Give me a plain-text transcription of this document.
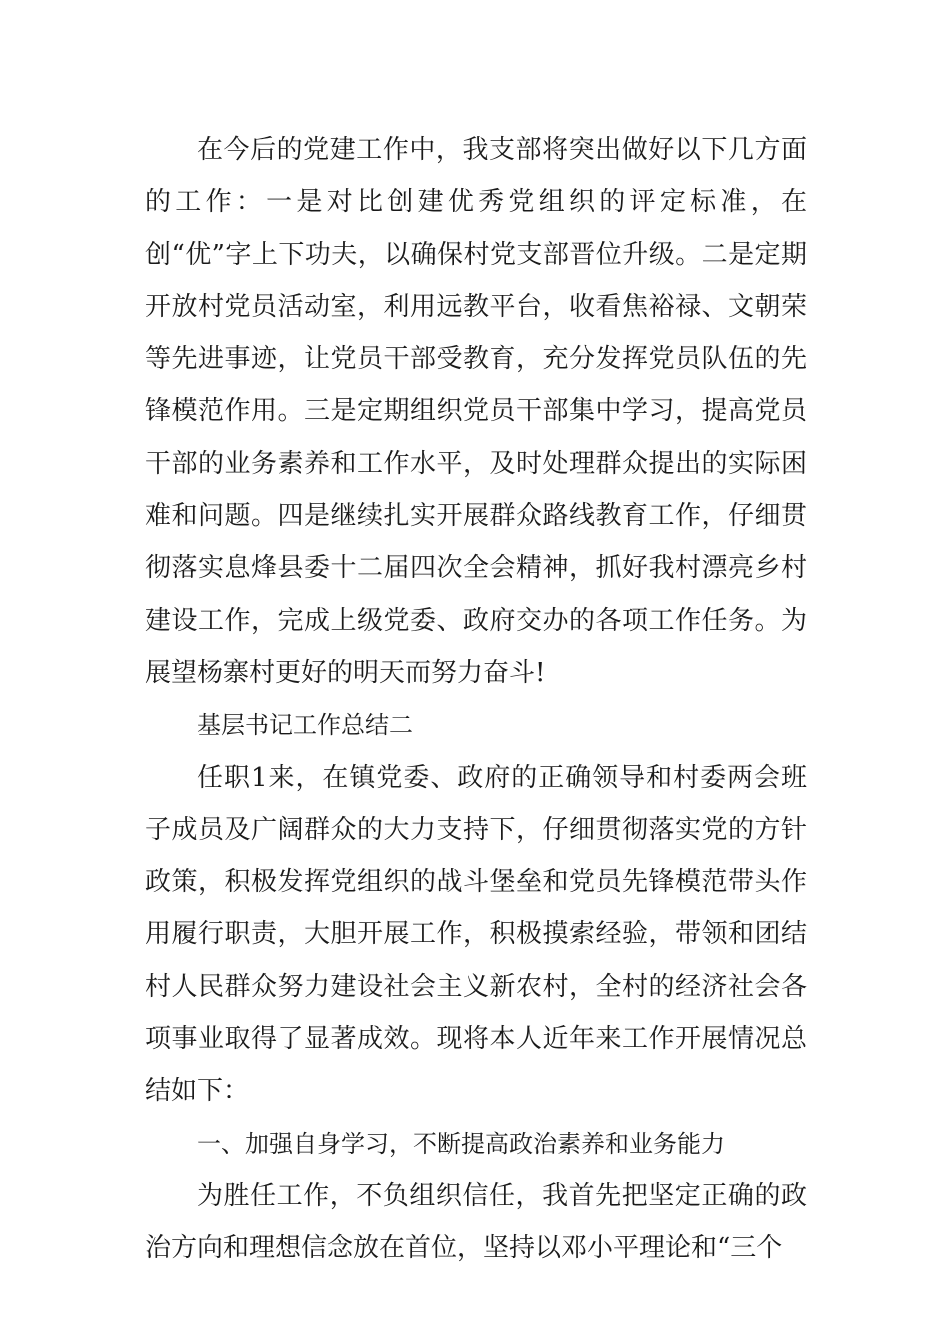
在今后的党建工作中，我支部将突出做好以下几方面的工作：一是对比创建优秀党组织的评定标准，在创“优”字上下功夫，以确保村党支部晋位升级。二是定期开放村党员活动室，利用远教平台，收看焦裕禄、文朝荣等先进事迹，让党员干部受教育，充分发挥党员队伍的先锋模范作用。三是定期组织党员干部集中学习，提高党员干部的业务素养和工作水平，及时处理群众提出的实际困难和问题。四是继续扎实开展群众路线教育工作，仔细贯彻落实息烽县委十二届四次全会精神，抓好我村漂亮乡村建设工作，完成上级党委、政府交办的各项工作任务。为展望杨寨村更好的明天而努力奋斗!

基层书记工作总结二

任职1来，在镇党委、政府的正确领导和村委两会班子成员及广阔群众的大力支持下，仔细贯彻落实党的方针政策，积极发挥党组织的战斗堡垒和党员先锋模范带头作用履行职责，大胆开展工作，积极摸索经验，带领和团结村人民群众努力建设社会主义新农村，全村的经济社会各项事业取得了显著成效。现将本人近年来工作开展情况总结如下：

一、加强自身学习，不断提高政治素养和业务能力

为胜任工作，不负组织信任，我首先把坚定正确的政治方向和理想信念放在首位，坚持以邓小平理论和“三个
